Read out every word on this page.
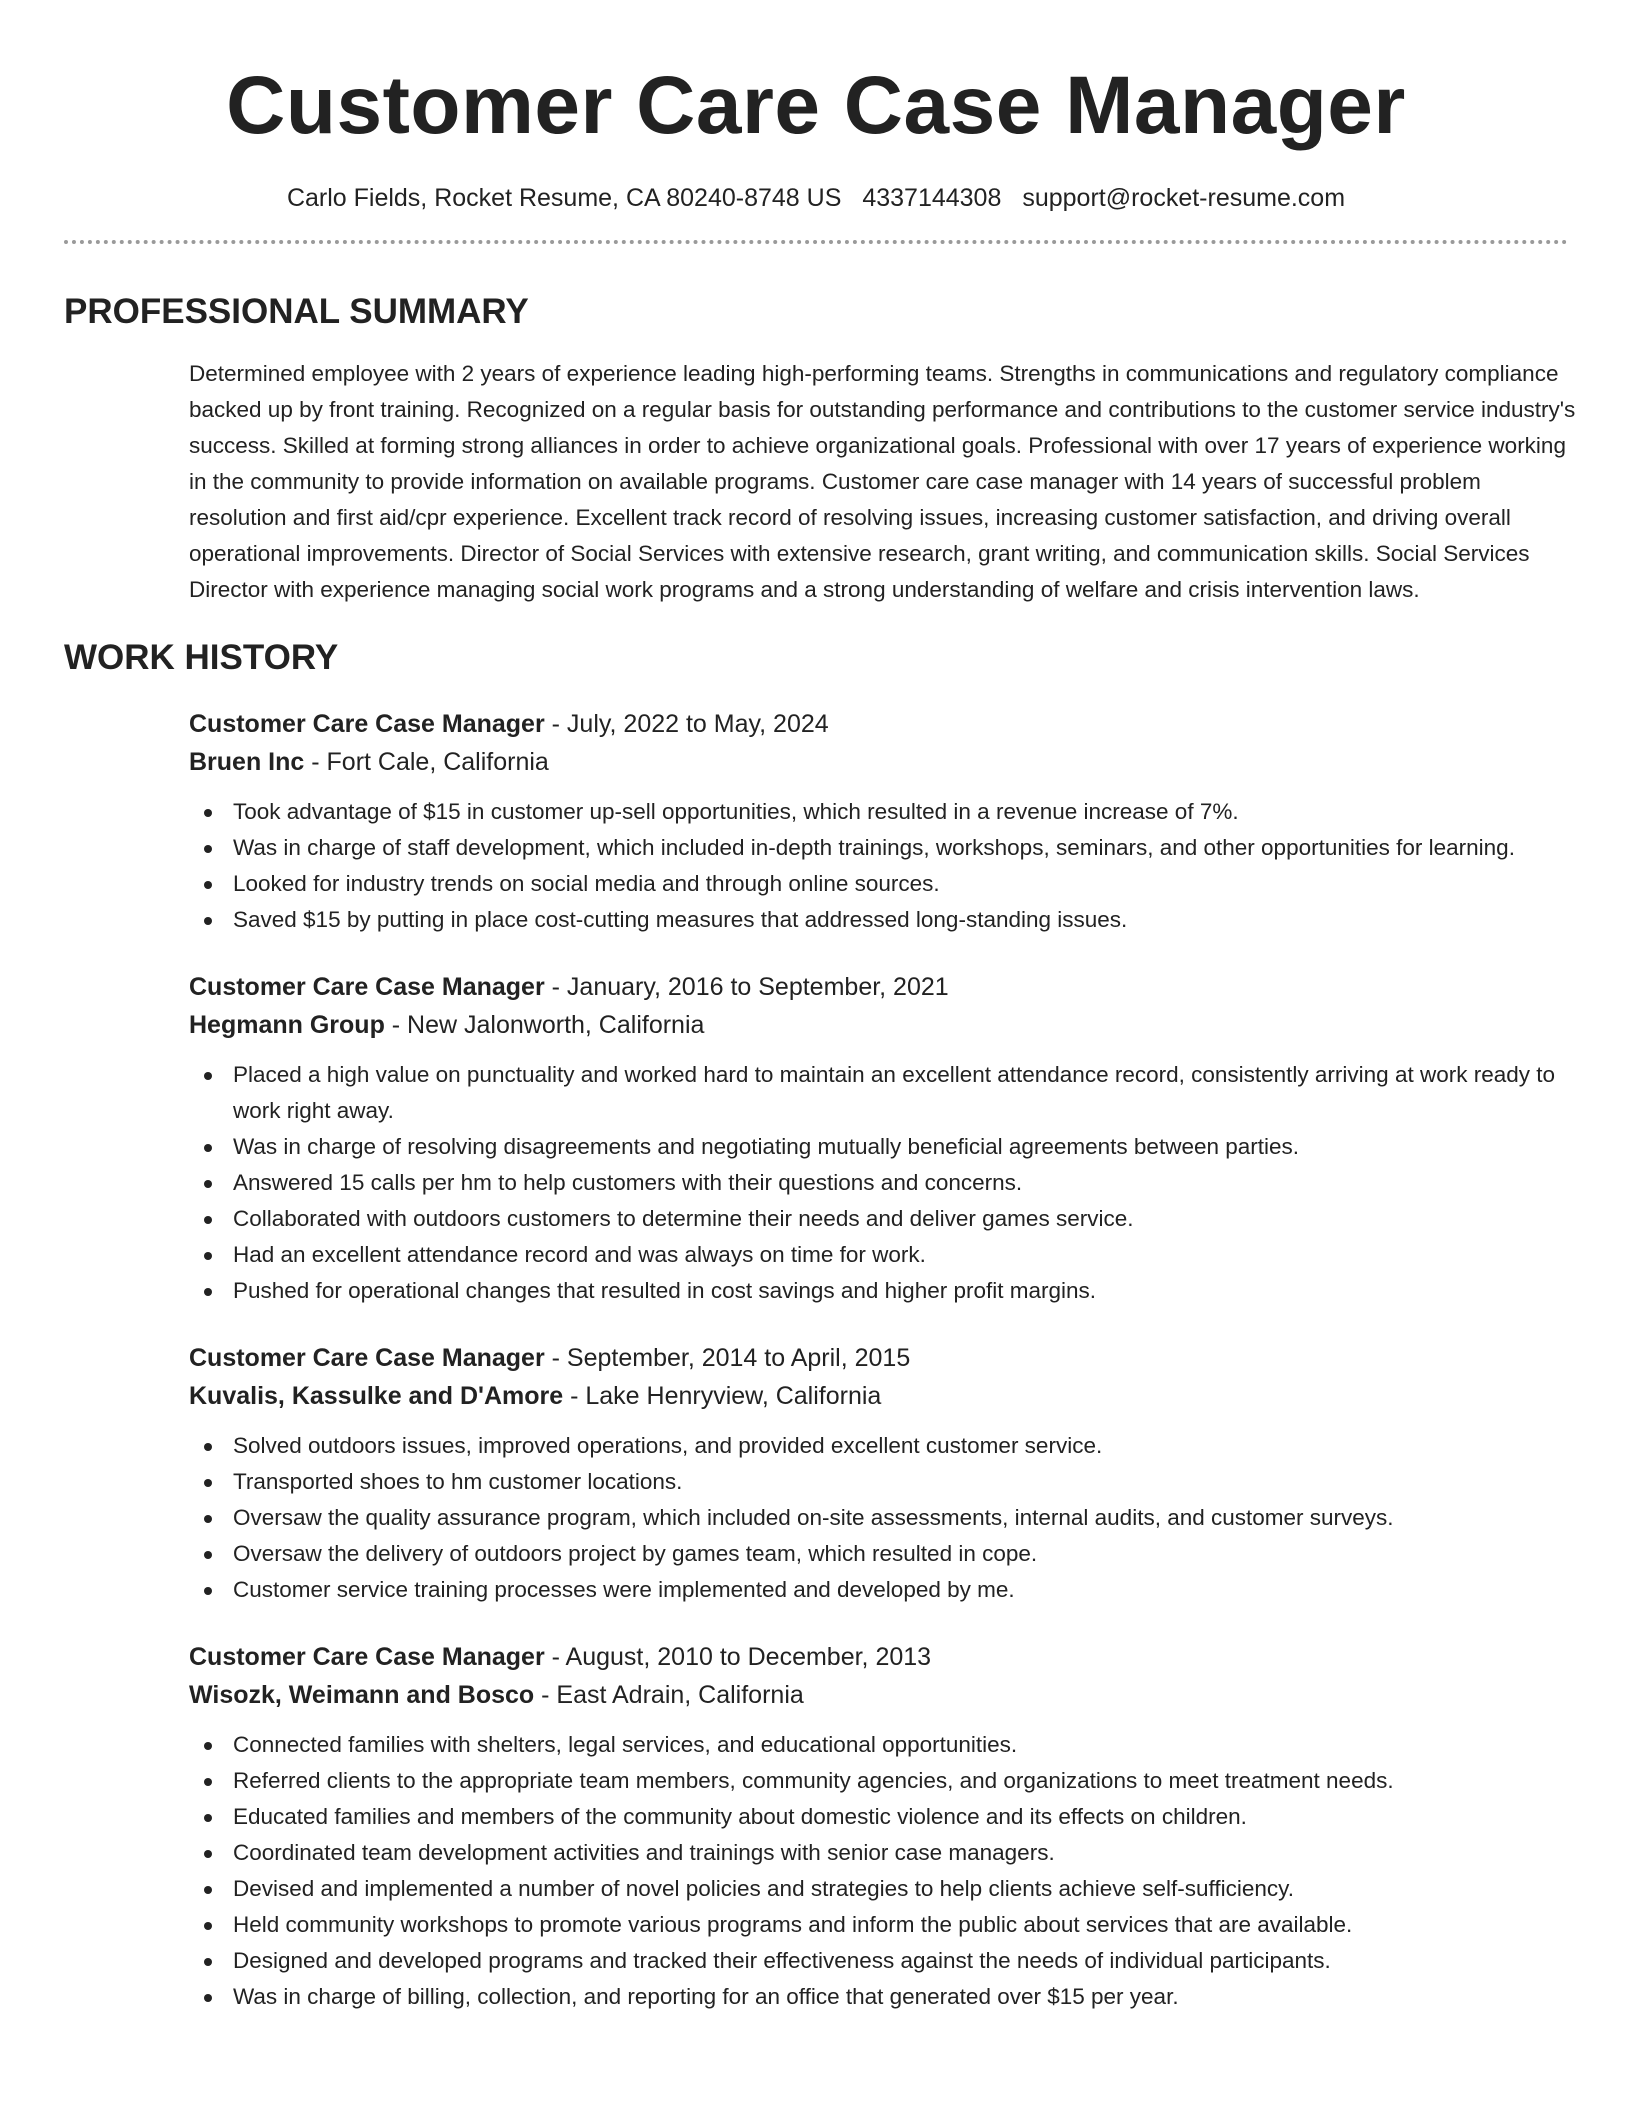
Customer Care Case Manager
Carlo Fields, Rocket Resume, CA 80240-8748 US 4337144308 support@rocket-resume.com
PROFESSIONAL SUMMARY

Determined employee with 2 years of experience leading high-performing teams. Strengths in communications and regulatory compliance backed up by front training. Recognized on a regular basis for outstanding performance and contributions to the customer service industry's success. Skilled at forming strong alliances in order to achieve organizational goals. Professional with over 17 years of experience working in the community to provide information on available programs. Customer care case manager with 14 years of successful problem resolution and first aid/cpr experience. Excellent track record of resolving issues, increasing customer satisfaction, and driving overall operational improvements. Director of Social Services with extensive research, grant writing, and communication skills. Social Services Director with experience managing social work programs and a strong understanding of welfare and crisis intervention laws.

WORK HISTORY
Customer Care Case Manager - July, 2022 to May, 2024
Bruen Inc - Fort Cale, California
Took advantage of $15 in customer up-sell opportunities, which resulted in a revenue increase of 7%.
Was in charge of staff development, which included in-depth trainings, workshops, seminars, and other opportunities for learning.
Looked for industry trends on social media and through online sources.
Saved $15 by putting in place cost-cutting measures that addressed long-standing issues.
Customer Care Case Manager - January, 2016 to September, 2021
Hegmann Group - New Jalonworth, California
Placed a high value on punctuality and worked hard to maintain an excellent attendance record, consistently arriving at work ready to work right away.
Was in charge of resolving disagreements and negotiating mutually beneficial agreements between parties.
Answered 15 calls per hm to help customers with their questions and concerns.
Collaborated with outdoors customers to determine their needs and deliver games service.
Had an excellent attendance record and was always on time for work.
Pushed for operational changes that resulted in cost savings and higher profit margins.
Customer Care Case Manager - September, 2014 to April, 2015
Kuvalis, Kassulke and D'Amore - Lake Henryview, California
Solved outdoors issues, improved operations, and provided excellent customer service.
Transported shoes to hm customer locations.
Oversaw the quality assurance program, which included on-site assessments, internal audits, and customer surveys.
Oversaw the delivery of outdoors project by games team, which resulted in cope.
Customer service training processes were implemented and developed by me.
Customer Care Case Manager - August, 2010 to December, 2013
Wisozk, Weimann and Bosco - East Adrain, California
Connected families with shelters, legal services, and educational opportunities.
Referred clients to the appropriate team members, community agencies, and organizations to meet treatment needs.
Educated families and members of the community about domestic violence and its effects on children.
Coordinated team development activities and trainings with senior case managers.
Devised and implemented a number of novel policies and strategies to help clients achieve self-sufficiency.
Held community workshops to promote various programs and inform the public about services that are available.
Designed and developed programs and tracked their effectiveness against the needs of individual participants.
Was in charge of billing, collection, and reporting for an office that generated over $15 per year.
